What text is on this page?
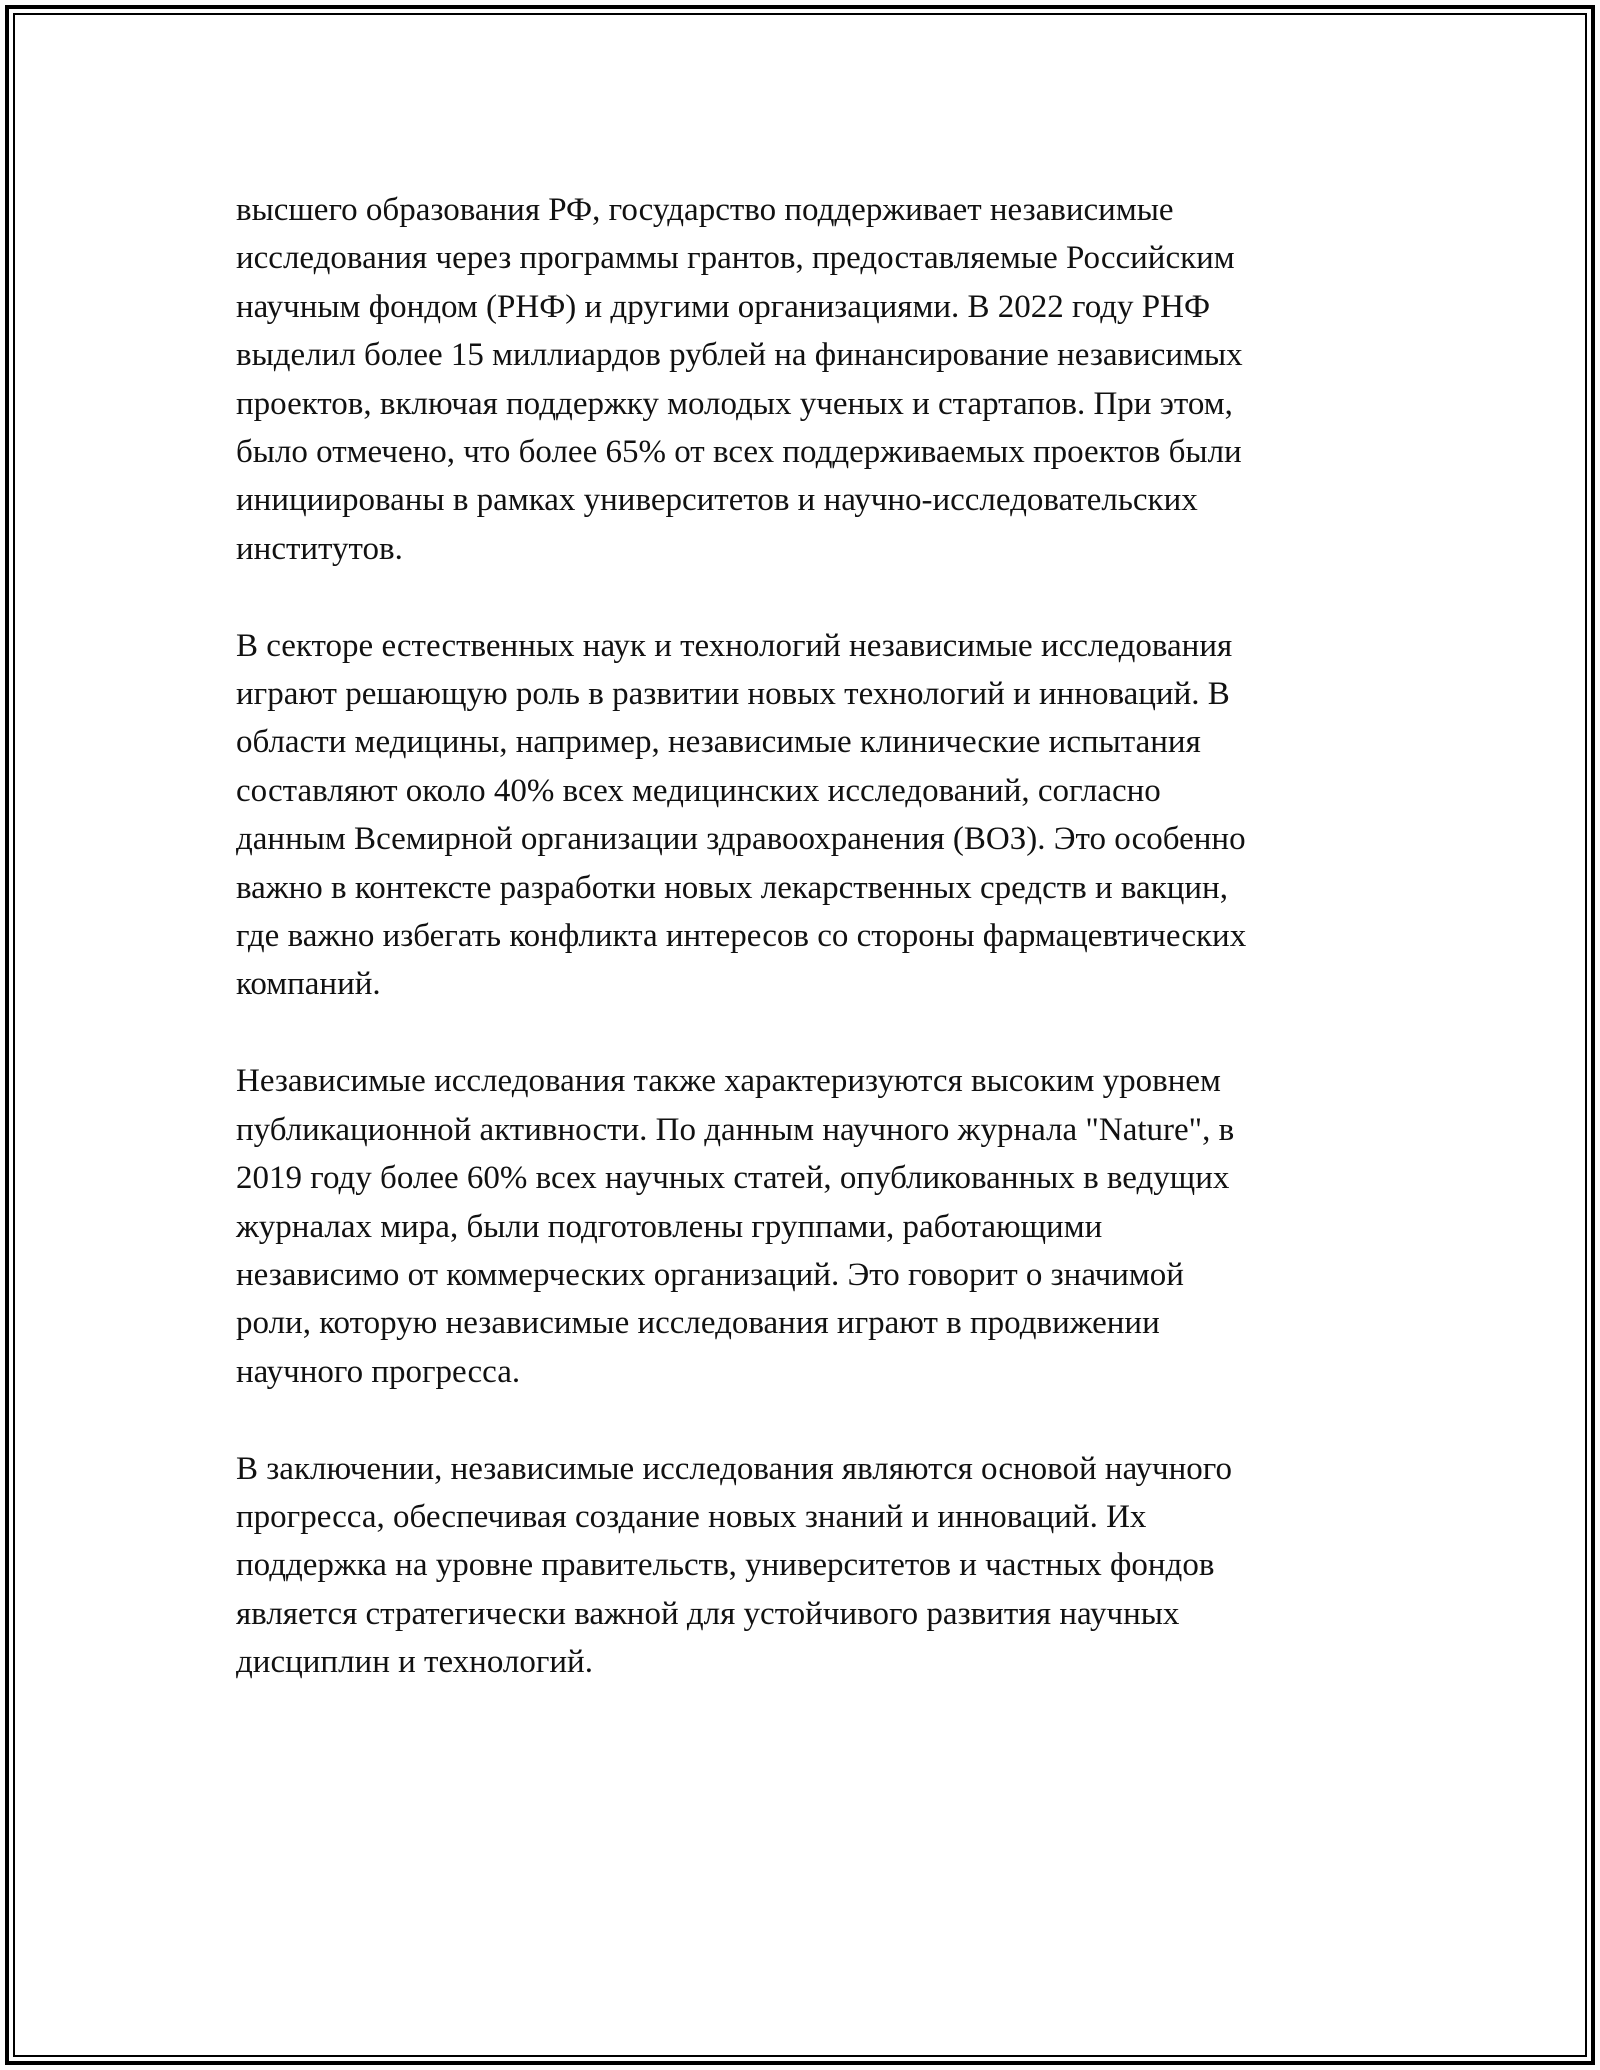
высшего образования РФ, государство поддерживает независимые
исследования через программы грантов, предоставляемые Российским
научным фондом (РНФ) и другими организациями. В 2022 году РНФ
выделил более 15 миллиардов рублей на финансирование независимых
проектов, включая поддержку молодых ученых и стартапов. При этом,
было отмечено, что более 65% от всех поддерживаемых проектов были
инициированы в рамках университетов и научно-исследовательских
институтов.

В секторе естественных наук и технологий независимые исследования
играют решающую роль в развитии новых технологий и инноваций. В
области медицины, например, независимые клинические испытания
составляют около 40% всех медицинских исследований, согласно
данным Всемирной организации здравоохранения (ВОЗ). Это особенно
важно в контексте разработки новых лекарственных средств и вакцин,
где важно избегать конфликта интересов со стороны фармацевтических
компаний.

Независимые исследования также характеризуются высоким уровнем
публикационной активности. По данным научного журнала "Nature", в
2019 году более 60% всех научных статей, опубликованных в ведущих
журналах мира, были подготовлены группами, работающими
независимо от коммерческих организаций. Это говорит о значимой
роли, которую независимые исследования играют в продвижении
научного прогресса.

В заключении, независимые исследования являются основой научного
прогресса, обеспечивая создание новых знаний и инноваций. Их
поддержка на уровне правительств, университетов и частных фондов
является стратегически важной для устойчивого развития научных
дисциплин и технологий.
